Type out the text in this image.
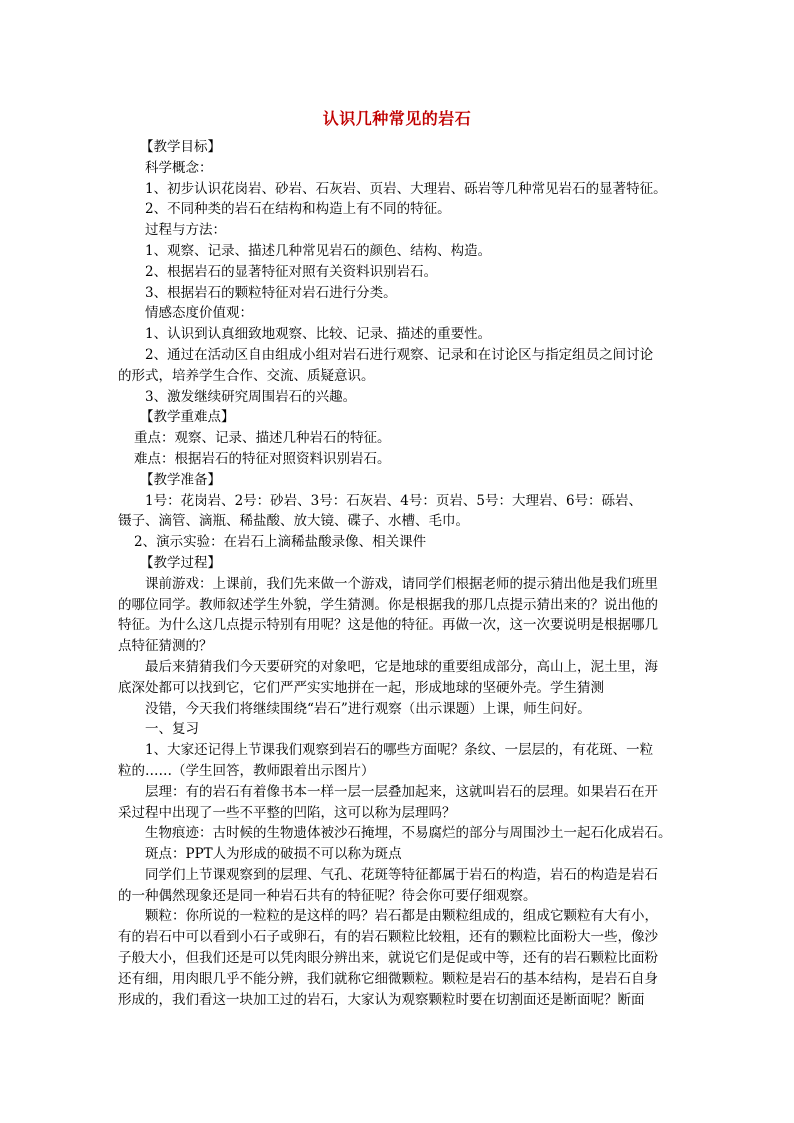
认识几种常见的岩石

【教学目标】

科学概念：

1、初步认识花岗岩、砂岩、石灰岩、页岩、大理岩、砾岩等几种常见岩石的显著特征。

2、不同种类的岩石在结构和构造上有不同的特征。

过程与方法：

1、观察、记录、描述几种常见岩石的颜色、结构、构造。

2、根据岩石的显著特征对照有关资料识别岩石。

3、根据岩石的颗粒特征对岩石进行分类。

情感态度价值观：

1、认识到认真细致地观察、比较、记录、描述的重要性。

2、通过在活动区自由组成小组对岩石进行观察、记录和在讨论区与指定组员之间讨论

的形式，培养学生合作、交流、质疑意识。

3、激发继续研究周围岩石的兴趣。

【教学重难点】

重点：观察、记录、描述几种岩石的特征。

难点：根据岩石的特征对照资料识别岩石。

【教学准备】

1号：花岗岩、2号：砂岩、3号：石灰岩、4号：页岩、5号：大理岩、6号：砾岩、

镊子、滴管、滴瓶、稀盐酸、放大镜、碟子、水槽、毛巾。

2、演示实验：在岩石上滴稀盐酸录像、相关课件

【教学过程】

课前游戏：上课前，我们先来做一个游戏，请同学们根据老师的提示猜出他是我们班里

的哪位同学。教师叙述学生外貌，学生猜测。你是根据我的那几点提示猜出来的？说出他的

特征。为什么这几点提示特别有用呢？这是他的特征。再做一次，这一次要说明是根据哪几

点特征猜测的？

最后来猜猜我们今天要研究的对象吧，它是地球的重要组成部分，高山上，泥土里，海

底深处都可以找到它，它们严严实实地拼在一起，形成地球的坚硬外壳。学生猜测

没错，今天我们将继续围绕“岩石”进行观察（出示课题）上课，师生问好。

一、复习

1、大家还记得上节课我们观察到岩石的哪些方面呢？条纹、一层层的，有花斑、一粒

粒的……（学生回答，教师跟着出示图片）

层理：有的岩石有着像书本一样一层一层叠加起来，这就叫岩石的层理。如果岩石在开

采过程中出现了一些不平整的凹陷，这可以称为层理吗？

生物痕迹：古时候的生物遗体被沙石掩埋，不易腐烂的部分与周围沙土一起石化成岩石。

斑点：PPT人为形成的破损不可以称为斑点

同学们上节课观察到的层理、气孔、花斑等特征都属于岩石的构造，岩石的构造是岩石

的一种偶然现象还是同一种岩石共有的特征呢？待会你可要仔细观察。

颗粒：你所说的一粒粒的是这样的吗？岩石都是由颗粒组成的，组成它颗粒有大有小，

有的岩石中可以看到小石子或卵石，有的岩石颗粒比较粗，还有的颗粒比面粉大一些，像沙

子般大小，但我们还是可以凭肉眼分辨出来，就说它们是促或中等，还有的岩石颗粒比面粉

还有细，用肉眼几乎不能分辨，我们就称它细微颗粒。颗粒是岩石的基本结构，是岩石自身

形成的，我们看这一块加工过的岩石，大家认为观察颗粒时要在切割面还是断面呢？断面
